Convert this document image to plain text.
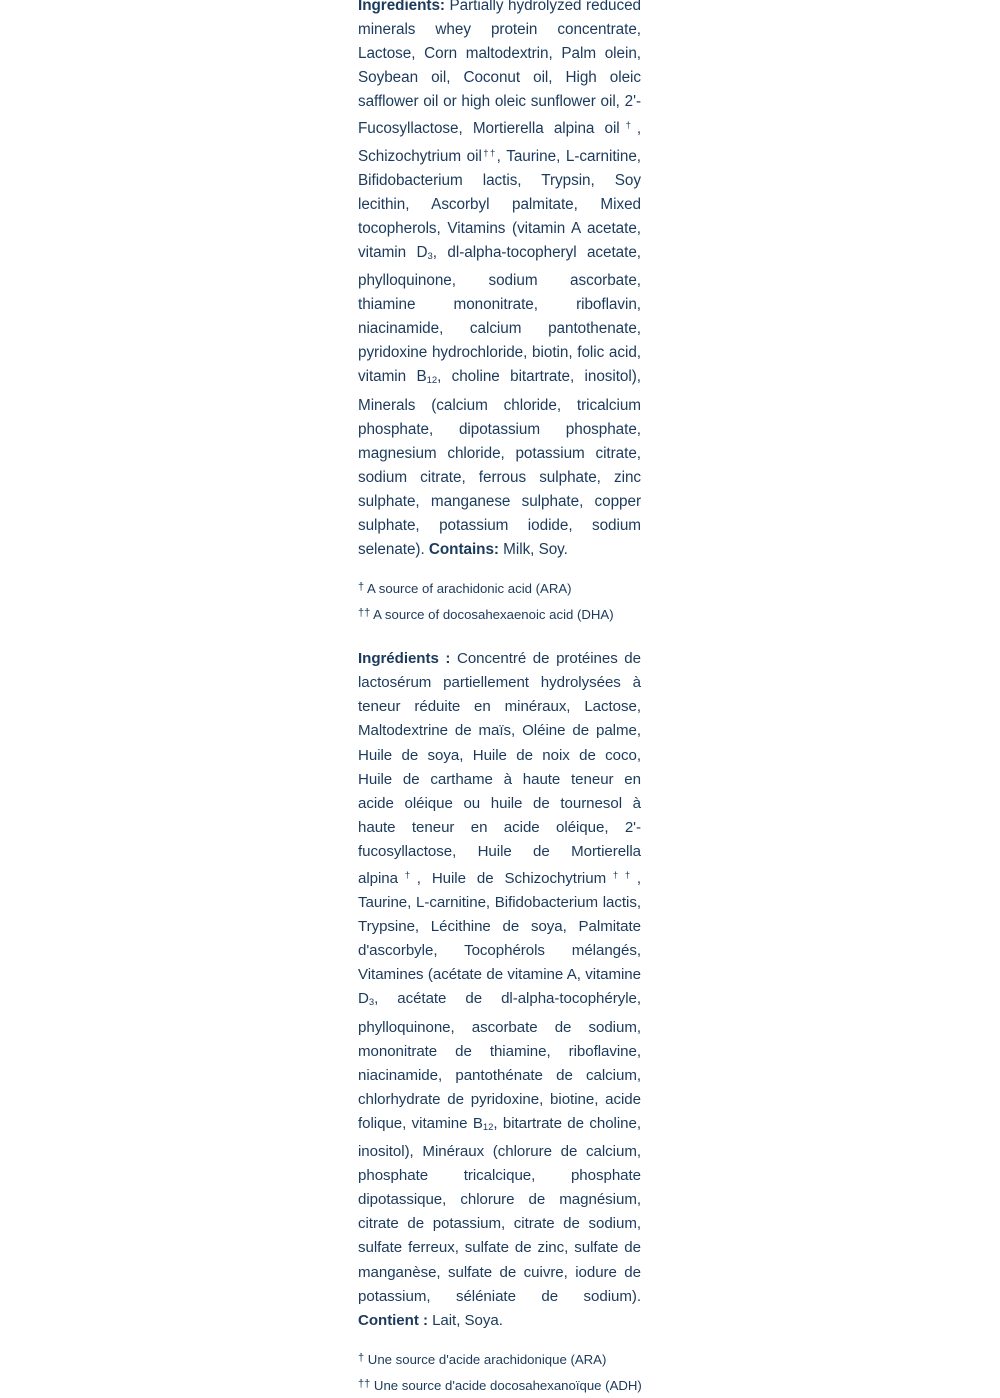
Ingredients: Partially hydrolyzed reduced minerals whey protein concentrate, Lactose, Corn maltodextrin, Palm olein, Soybean oil, Coconut oil, High oleic safflower oil or high oleic sunflower oil, 2'-Fucosyllactose, Mortierella alpina oil†, Schizochytrium oil††, Taurine, L-carnitine, Bifidobacterium lactis, Trypsin, Soy lecithin, Ascorbyl palmitate, Mixed tocopherols, Vitamins (vitamin A acetate, vitamin $D_3$, dl-alpha-tocopheryl acetate, phylloquinone, sodium ascorbate, thiamine mononitrate, riboflavin, niacinamide, calcium pantothenate, pyridoxine hydrochloride, biotin, folic acid, vitamin $B_{12}$, choline bitartrate, inositol), Minerals (calcium chloride, tricalcium phosphate, dipotassium phosphate, magnesium chloride, potassium citrate, sodium citrate, ferrous sulphate, zinc sulphate, manganese sulphate, copper sulphate, potassium iodide, sodium selenate). Contains: Milk, Soy.

† A source of arachidonic acid (ARA)
†† A source of docosahexaenoic acid (DHA)

Ingrédients : Concentré de protéines de lactosérum partiellement hydrolysées à teneur réduite en minéraux, Lactose, Maltodextrine de maïs, Oléine de palme, Huile de soya, Huile de noix de coco, Huile de carthame à haute teneur en acide oléique ou huile de tournesol à haute teneur en acide oléique, 2'-fucosyllactose, Huile de Mortierella alpina†, Huile de Schizochytrium††, Taurine, L-carnitine, Bifidobacterium lactis, Trypsine, Lécithine de soya, Palmitate d'ascorbyle, Tocophérols mélangés, Vitamines (acétate de vitamine A, vitamine $D_3$, acétate de dl-alpha-tocophéryle, phylloquinone, ascorbate de sodium, mononitrate de thiamine, riboflavine, niacinamide, pantothénate de calcium, chlorhydrate de pyridoxine, biotine, acide folique, vitamine $B_{12}$, bitartrate de choline, inositol), Minéraux (chlorure de calcium, phosphate tricalcique, phosphate dipotassique, chlorure de magnésium, citrate de potassium, citrate de sodium, sulfate ferreux, sulfate de zinc, sulfate de manganèse, sulfate de cuivre, iodure de potassium, séléniate de sodium). Contient : Lait, Soya.

† Une source d'acide arachidonique (ARA)
†† Une source d'acide docosahexanoïque (ADH)
